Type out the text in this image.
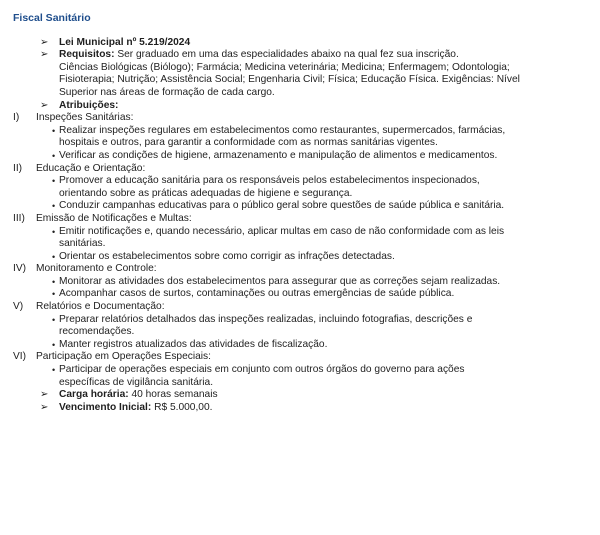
Fiscal Sanitário
➢ Lei Municipal nº 5.219/2024
➢ Requisitos: Ser graduado em uma das especialidades abaixo na qual fez sua inscrição.
Ciências Biológicas (Biólogo); Farmácia; Medicina veterinária; Medicina; Enfermagem; Odontologia;
Fisioterapia; Nutrição; Assistência Social; Engenharia Civil; Física; Educação Física. Exigências: Nível
Superior nas áreas de formação de cada cargo.
➢ Atribuições:
I) Inspeções Sanitárias:
• Realizar inspeções regulares em estabelecimentos como restaurantes, supermercados, farmácias,
hospitais e outros, para garantir a conformidade com as normas sanitárias vigentes.
• Verificar as condições de higiene, armazenamento e manipulação de alimentos e medicamentos.
II) Educação e Orientação:
• Promover a educação sanitária para os responsáveis pelos estabelecimentos inspecionados,
orientando sobre as práticas adequadas de higiene e segurança.
• Conduzir campanhas educativas para o público geral sobre questões de saúde pública e sanitária.
III) Emissão de Notificações e Multas:
• Emitir notificações e, quando necessário, aplicar multas em caso de não conformidade com as leis
sanitárias.
• Orientar os estabelecimentos sobre como corrigir as infrações detectadas.
IV) Monitoramento e Controle:
• Monitorar as atividades dos estabelecimentos para assegurar que as correções sejam realizadas.
• Acompanhar casos de surtos, contaminações ou outras emergências de saúde pública.
V) Relatórios e Documentação:
• Preparar relatórios detalhados das inspeções realizadas, incluindo fotografias, descrições e
recomendações.
• Manter registros atualizados das atividades de fiscalização.
VI) Participação em Operações Especiais:
• Participar de operações especiais em conjunto com outros órgãos do governo para ações
específicas de vigilância sanitária.
➢ Carga horária: 40 horas semanais
➢ Vencimento Inicial: R$ 5.000,00.
